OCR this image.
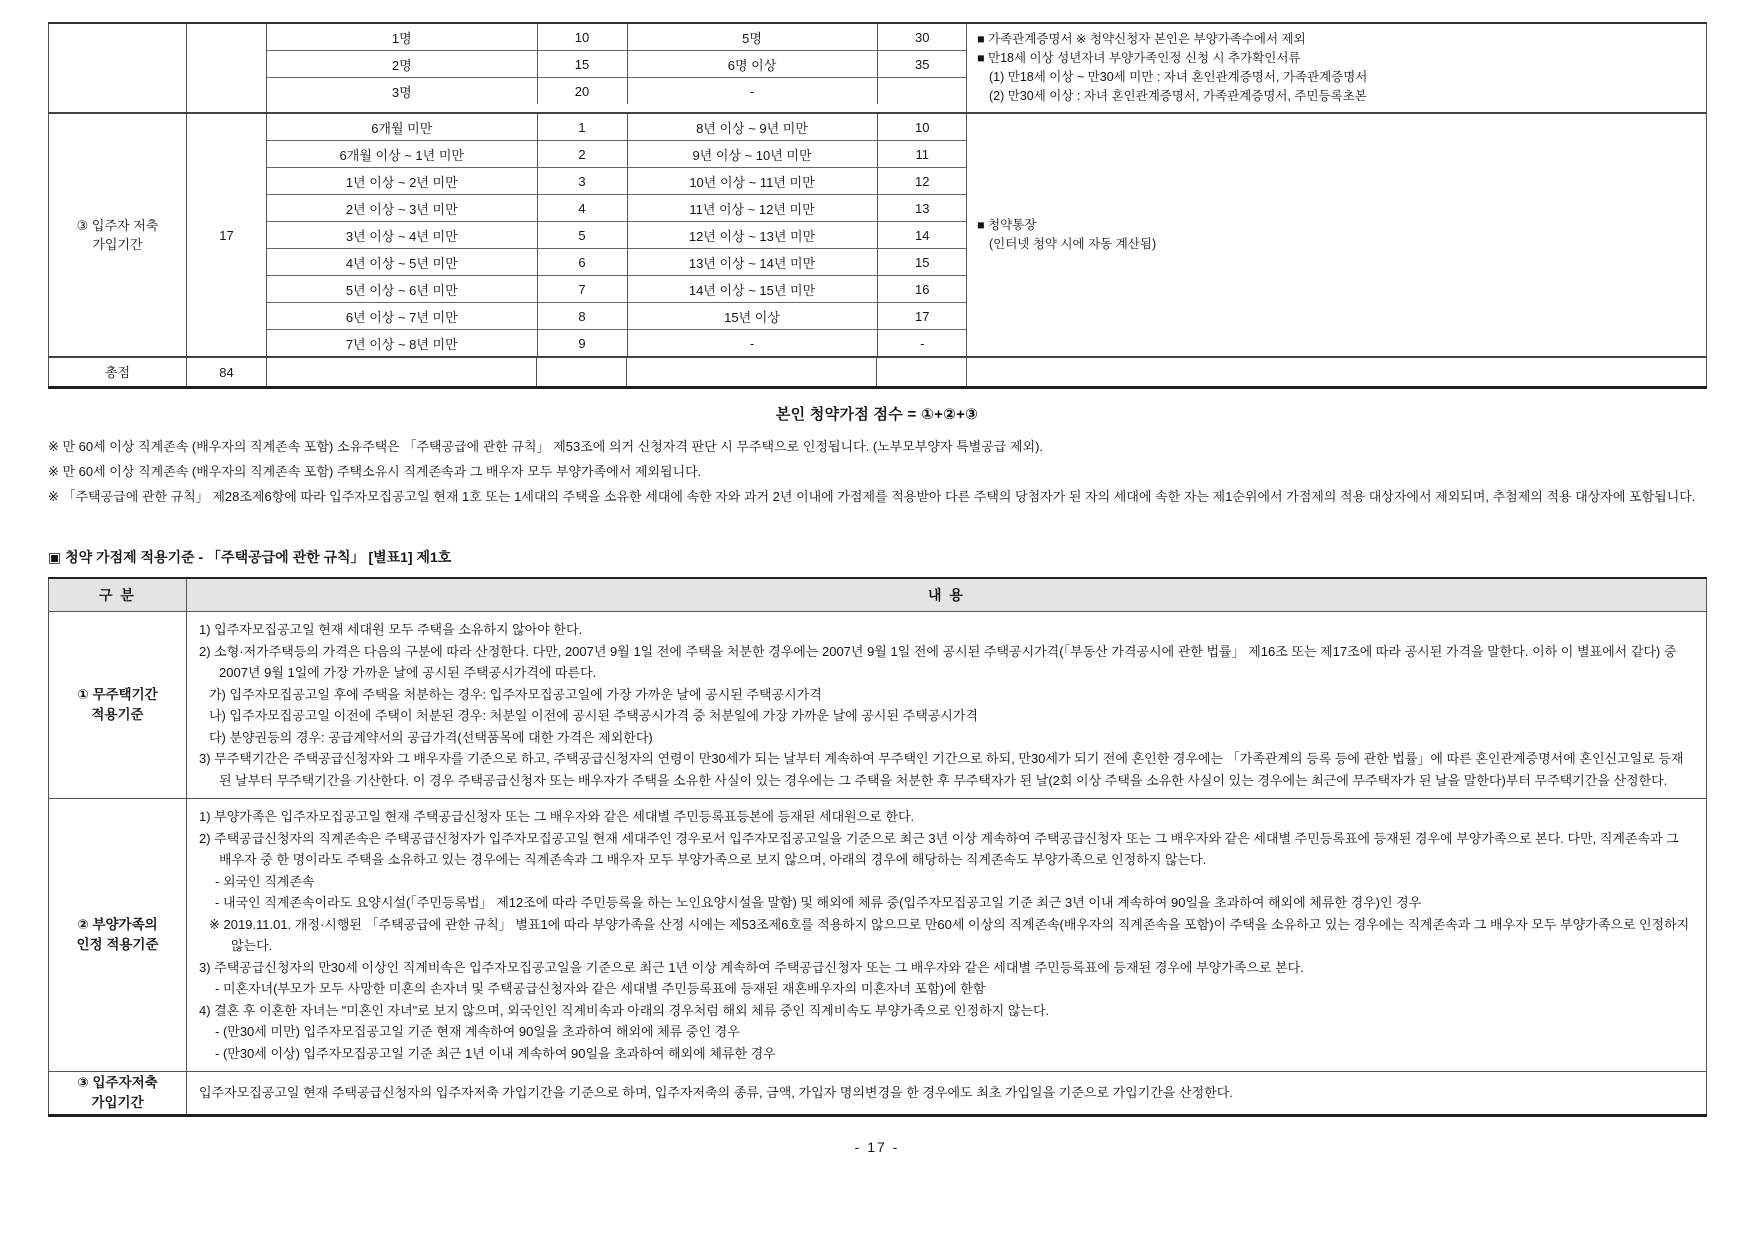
1명	10	5명	30
2명	15	6명 이상	35
3명	20	-	

■ 가족관계증명서 ※ 청약신청자 본인은 부양가족수에서 제외
■ 만18세 이상 성년자녀 부양가족인정 신청 시 추가확인서류
(1) 만18세 이상 ~ 만30세 미만 : 자녀 혼인관계증명서, 가족관계증명서
(2) 만30세 이상 : 자녀 혼인관계증명서, 가족관계증명서, 주민등록초본

③ 입주자 저축
가입기간
	17	
6개월 미만	1	8년 이상 ~ 9년 미만	10
6개월 이상 ~ 1년 미만	2	9년 이상 ~ 10년 미만	11
1년 이상 ~ 2년 미만	3	10년 이상 ~ 11년 미만	12
2년 이상 ~ 3년 미만	4	11년 이상 ~ 12년 미만	13
3년 이상 ~ 4년 미만	5	12년 이상 ~ 13년 미만	14
4년 이상 ~ 5년 미만	6	13년 이상 ~ 14년 미만	15
5년 이상 ~ 6년 미만	7	14년 이상 ~ 15년 미만	16
6년 이상 ~ 7년 미만	8	15년 이상	17
7년 이상 ~ 8년 미만	9	-	-

■ 청약통장
(인터넷 청약 시에 자동 계산됨)

총점	84					
본인 청약가점 점수 = ①+②+③
※ 만 60세 이상 직계존속 (배우자의 직계존속 포함) 소유주택은 「주택공급에 관한 규칙」 제53조에 의거 신청자격 판단 시 무주택으로 인정됩니다. (노부모부양자 특별공급 제외).
※ 만 60세 이상 직계존속 (배우자의 직계존속 포함) 주택소유시 직계존속과 그 배우자 모두 부양가족에서 제외됩니다.
※ 「주택공급에 관한 규칙」 제28조제6항에 따라 입주자모집공고일 현재 1호 또는 1세대의 주택을 소유한 세대에 속한 자와 과거 2년 이내에 가점제를 적용받아 다른 주택의 당첨자가 된 자의 세대에 속한 자는 제1순위에서 가점제의 적용 대상자에서 제외되며, 추첨제의 적용 대상자에 포함됩니다.
▣ 청약 가점제 적용기준 - 「주택공급에 관한 규칙」 [별표1] 제1호
구 분	내 용

① 무주택기간
적용기준

1) 입주자모집공고일 현재 세대원 모두 주택을 소유하지 않아야 한다.
2) 소형·저가주택등의 가격은 다음의 구분에 따라 산정한다. 다만, 2007년 9월 1일 전에 주택을 처분한 경우에는 2007년 9월 1일 전에 공시된 주택공시가격(「부동산 가격공시에 관한 법률」 제16조 또는 제17조에 따라 공시된 가격을 말한다. 이하 이 별표에서 같다) 중 2007년 9월 1일에 가장 가까운 날에 공시된 주택공시가격에 따른다.
가) 입주자모집공고일 후에 주택을 처분하는 경우: 입주자모집공고일에 가장 가까운 날에 공시된 주택공시가격
나) 입주자모집공고일 이전에 주택이 처분된 경우: 처분일 이전에 공시된 주택공시가격 중 처분일에 가장 가까운 날에 공시된 주택공시가격
다) 분양권등의 경우: 공급계약서의 공급가격(선택품목에 대한 가격은 제외한다)
3) 무주택기간은 주택공급신청자와 그 배우자를 기준으로 하고, 주택공급신청자의 연령이 만30세가 되는 날부터 계속하여 무주택인 기간으로 하되, 만30세가 되기 전에 혼인한 경우에는 「가족관계의 등록 등에 관한 법률」에 따른 혼인관계증명서에 혼인신고일로 등재된 날부터 무주택기간을 기산한다. 이 경우 주택공급신청자 또는 배우자가 주택을 소유한 사실이 있는 경우에는 그 주택을 처분한 후 무주택자가 된 날(2회 이상 주택을 소유한 사실이 있는 경우에는 최근에 무주택자가 된 날을 말한다)부터 무주택기간을 산정한다.

② 부양가족의
인정 적용기준

1) 부양가족은 입주자모집공고일 현재 주택공급신청자 또는 그 배우자와 같은 세대별 주민등록표등본에 등재된 세대원으로 한다.
2) 주택공급신청자의 직계존속은 주택공급신청자가 입주자모집공고일 현재 세대주인 경우로서 입주자모집공고일을 기준으로 최근 3년 이상 계속하여 주택공급신청자 또는 그 배우자와 같은 세대별 주민등록표에 등재된 경우에 부양가족으로 본다. 다만, 직계존속과 그 배우자 중 한 명이라도 주택을 소유하고 있는 경우에는 직계존속과 그 배우자 모두 부양가족으로 보지 않으며, 아래의 경우에 해당하는 직계존속도 부양가족으로 인정하지 않는다.
- 외국인 직계존속
- 내국인 직계존속이라도 요양시설(「주민등록법」 제12조에 따라 주민등록을 하는 노인요양시설을 말함) 및 해외에 체류 중(입주자모집공고일 기준 최근 3년 이내 계속하여 90일을 초과하여 해외에 체류한 경우)인 경우
※ 2019.11.01. 개정·시행된 「주택공급에 관한 규칙」 별표1에 따라 부양가족을 산정 시에는 제53조제6호를 적용하지 않으므로 만60세 이상의 직계존속(배우자의 직계존속을 포함)이 주택을 소유하고 있는 경우에는 직계존속과 그 배우자 모두 부양가족으로 인정하지 않는다.
3) 주택공급신청자의 만30세 이상인 직계비속은 입주자모집공고일을 기준으로 최근 1년 이상 계속하여 주택공급신청자 또는 그 배우자와 같은 세대별 주민등록표에 등재된 경우에 부양가족으로 본다.
- 미혼자녀(부모가 모두 사망한 미혼의 손자녀 및 주택공급신청자와 같은 세대별 주민등록표에 등재된 재혼배우자의 미혼자녀 포함)에 한함
4) 결혼 후 이혼한 자녀는 "미혼인 자녀"로 보지 않으며, 외국인인 직계비속과 아래의 경우처럼 해외 체류 중인 직계비속도 부양가족으로 인정하지 않는다.
- (만30세 미만) 입주자모집공고일 기준 현재 계속하여 90일을 초과하여 해외에 체류 중인 경우
- (만30세 이상) 입주자모집공고일 기준 최근 1년 이내 계속하여 90일을 초과하여 해외에 체류한 경우

③ 입주자저축
가입기간	입주자모집공고일 현재 주택공급신청자의 입주자저축 가입기간을 기준으로 하며, 입주자저축의 종류, 금액, 가입자 명의변경을 한 경우에도 최초 가입일을 기준으로 가입기간을 산정한다.
- 17 -
